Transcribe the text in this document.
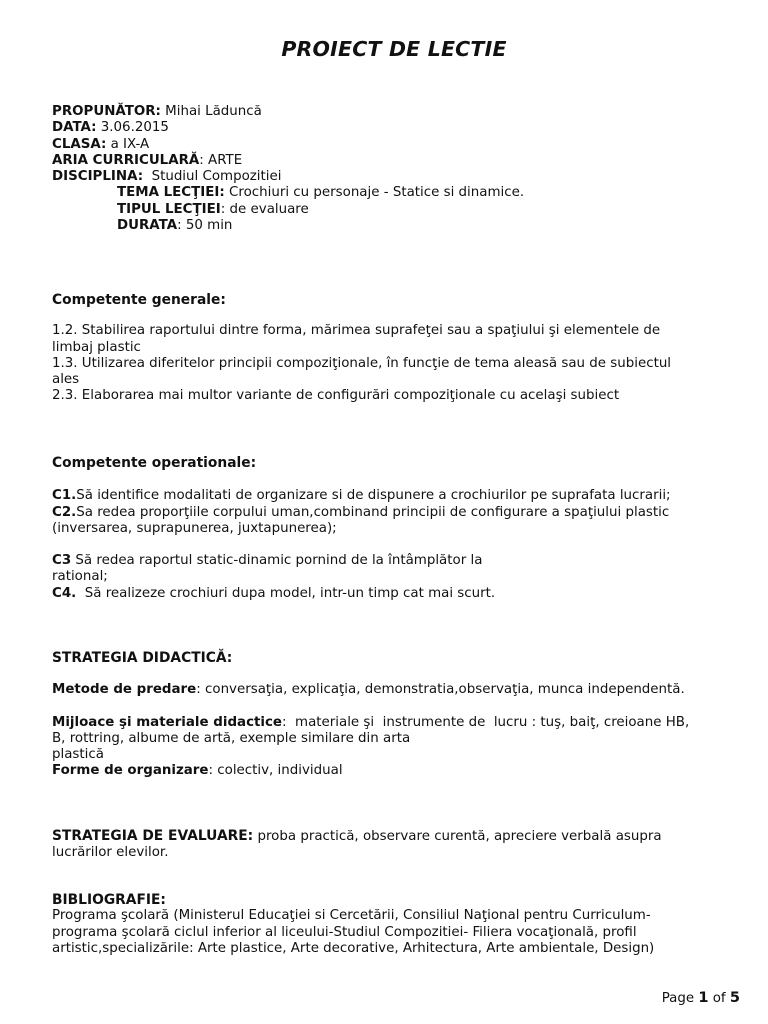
PROIECT DE LECTIE
PROPUNĂTOR: Mihai Lăduncă
DATA: 3.06.2015
CLASA: a IX-A
ARIA CURRICULARĂ: ARTE
DISCIPLINA:  Studiul Compozitiei
TEMA LECŢIEI: Crochiuri cu personaje - Statice si dinamice.
TIPUL LECŢIEI: de evaluare
DURATA: 50 min
Competente generale:
1.2. Stabilirea raportului dintre forma, mărimea suprafeţei sau a spaţiului şi elementele de
limbaj plastic
1.3. Utilizarea diferitelor principii compoziţionale, în funcţie de tema aleasă sau de subiectul
ales
2.3. Elaborarea mai multor variante de configurări compoziţionale cu acelaşi subiect
Competente operationale:
C1.Să identifice modalitati de organizare si de dispunere a crochiurilor pe suprafata lucrarii;
C2.Sa redea proporţiile corpului uman,combinand principii de configurare a spaţiului plastic
(inversarea, suprapunerea, juxtapunerea);
C3 Să redea raportul static-dinamic pornind de la întâmplător la
rational;
C4.  Să realizeze crochiuri dupa model, intr-un timp cat mai scurt.
STRATEGIA DIDACTICĂ:
Metode de predare: conversaţia, explicaţia, demonstratia,observaţia, munca independentă.
Mijloace şi materiale didactice:  materiale şi  instrumente de  lucru : tuş, baiţ, creioane HB,
B, rottring, albume de artă, exemple similare din arta
plastică
Forme de organizare: colectiv, individual
STRATEGIA DE EVALUARE: proba practică, observare curentă, apreciere verbală asupra
lucrărilor elevilor.
BIBLIOGRAFIE:
Programa şcolară (Ministerul Educaţiei si Cercetării, Consiliul Naţional pentru Curriculum-
programa şcolară ciclul inferior al liceului-Studiul Compozitiei- Filiera vocaţională, profil
artistic,specializările: Arte plastice, Arte decorative, Arhitectura, Arte ambientale, Design)
Page 1 of 5
